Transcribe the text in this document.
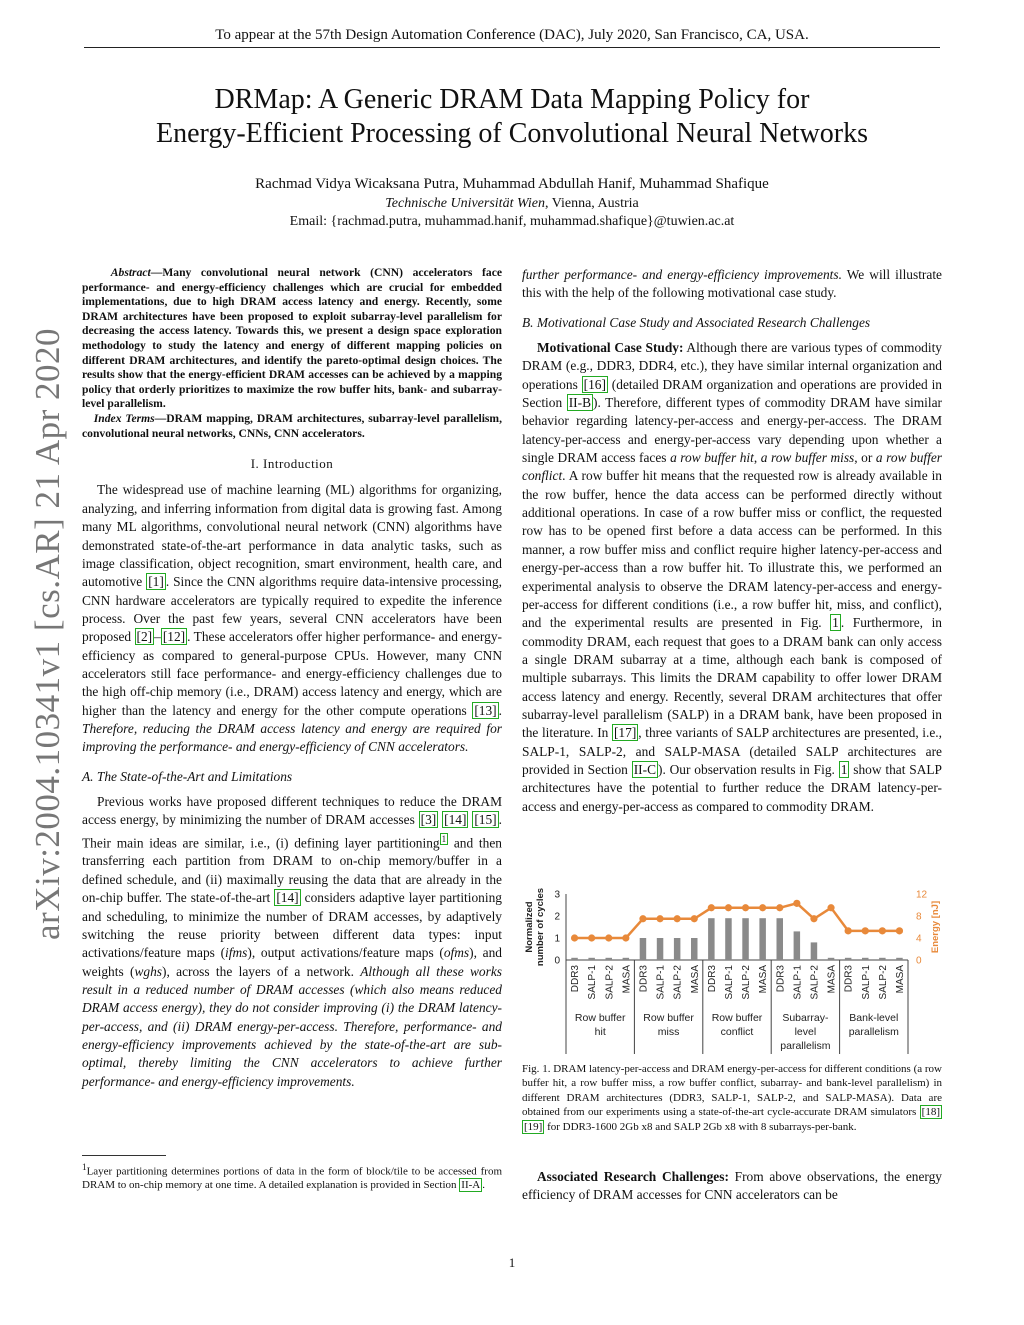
To appear at the 57th Design Automation Conference (DAC), July 2020, San Francisco, CA, USA.
DRMap: A Generic DRAM Data Mapping Policy for
Energy-Efficient Processing of Convolutional Neural Networks
Rachmad Vidya Wicaksana Putra, Muhammad Abdullah Hanif, Muhammad Shafique
Technische Universität Wien, Vienna, Austria
Email: {rachmad.putra, muhammad.hanif, muhammad.shafique}@tuwien.ac.at
arXiv:2004.10341v1 [cs.AR] 21 Apr 2020

Abstract—Many convolutional neural network (CNN) accelerators face performance- and energy-efficiency challenges which are crucial for embedded implementations, due to high DRAM access latency and energy. Recently, some DRAM architectures have been proposed to exploit subarray-level parallelism for decreasing the access latency. Towards this, we present a design space exploration methodology to study the latency and energy of different mapping policies on different DRAM architectures, and identify the pareto-optimal design choices. The results show that the energy-efficient DRAM accesses can be achieved by a mapping policy that orderly prioritizes to maximize the row buffer hits, bank- and subarray-level parallelism.

Index Terms—DRAM mapping, DRAM architectures, subarray-level parallelism, convolutional neural networks, CNNs, CNN accelerators.

I. Introduction

The widespread use of machine learning (ML) algorithms for organizing, analyzing, and inferring information from digital data is growing fast. Among many ML algorithms, convolutional neural network (CNN) algorithms have demonstrated state-of-the-art performance in data analytic tasks, such as image classification, object recognition, smart environment, health care, and automotive [1] . Since the CNN algorithms require data-intensive processing, CNN hardware accelerators are typically required to expedite the inference process. Over the past few years, several CNN accelerators have been proposed [2] – [12] . These accelerators offer higher performance- and energy-efficiency as compared to general-purpose CPUs. However, many CNN accelerators still face performance- and energy-efficiency challenges due to the high off-chip memory (i.e., DRAM) access latency and energy, which are higher than the latency and energy for the other compute operations [13] . Therefore, reducing the DRAM access latency and energy are required for improving the performance- and energy-efficiency of CNN accelerators.

A. The State-of-the-Art and Limitations

Previous works have proposed different techniques to reduce the DRAM access energy, by minimizing the number of DRAM accesses [3] [14] [15] . Their main ideas are similar, i.e., (i) defining layer partitioning $^1$ and then transferring each partition from DRAM to on-chip memory/buffer in a defined schedule, and (ii) maximally reusing the data that are already in the on-chip buffer. The state-of-the-art [14] considers adaptive layer partitioning and scheduling, to minimize the number of DRAM accesses, by adaptively switching the reuse priority between different data types: input activations/feature maps (ifms), output activations/feature maps (ofms), and weights (wghs), across the layers of a network. Although all these works result in a reduced number of DRAM accesses (which also means reduced DRAM access energy), they do not consider improving (i) the DRAM latency-per-access, and (ii) DRAM energy-per-access. Therefore, performance- and energy-efficiency improvements achieved by the state-of-the-art are sub-optimal, thereby limiting the CNN accelerators to achieve further performance- and energy-efficiency improvements.

$^1$Layer partitioning determines portions of data in the form of block/tile to be accessed from DRAM to on-chip memory at one time. A detailed explanation is provided in Section II-A .

further performance- and energy-efficiency improvements. We will illustrate this with the help of the following motivational case study.

B. Motivational Case Study and Associated Research Challenges

Motivational Case Study: Although there are various types of commodity DRAM (e.g., DDR3, DDR4, etc.), they have similar internal organization and operations [16] (detailed DRAM organization and operations are provided in Section II-B ). Therefore, different types of commodity DRAM have similar behavior regarding latency-per-access and energy-per-access. The DRAM latency-per-access and energy-per-access vary depending upon whether a single DRAM access faces a row buffer hit, a row buffer miss, or a row buffer conflict. A row buffer hit means that the requested row is already available in the row buffer, hence the data access can be performed directly without additional operations. In case of a row buffer miss or conflict, the requested row has to be opened first before a data access can be performed. In this manner, a row buffer miss and conflict require higher latency-per-access and energy-per-access than a row buffer hit. To illustrate this, we performed an experimental analysis to observe the DRAM latency-per-access and energy-per-access for different conditions (i.e., a row buffer hit, miss, and conflict), and the experimental results are presented in Fig. 1 . Furthermore, in commodity DRAM, each request that goes to a DRAM bank can only access a single DRAM subarray at a time, although each bank is composed of multiple subarrays. This limits the DRAM capability to offer lower DRAM access latency and energy. Recently, several DRAM architectures that offer subarray-level parallelism (SALP) in a DRAM bank, have been proposed in the literature. In [17] , three variants of SALP architectures are presented, i.e., SALP-1, SALP-2, and SALP-MASA (detailed SALP architectures are provided in Section II-C ). Our observation results in Fig. 1 show that SALP architectures have the potential to further reduce the DRAM latency-per-access and energy-per-access as compared to commodity DRAM.

0
1
2
3
0
4
8
12
Normalized number of cycles	Energy [nJ]
DDR3 SALP-1 SALP-2 MASA DDR3 SALP-1 SALP-2 MASA DDR3 SALP-1 SALP-2 MASA DDR3 SALP-1 SALP-2 MASA DDR3 SALP-1 SALP-2 MASA
Row buffer
hit
Row buffer
miss
Row buffer
conflict
Subarray-
level
parallelism
Bank-level
parallelism
Fig. 1. DRAM latency-per-access and DRAM energy-per-access for different conditions (a row buffer hit, a row buffer miss, a row buffer conflict, subarray- and bank-level parallelism) in different DRAM architectures (DDR3, SALP-1, SALP-2, and SALP-MASA). Data are obtained from our experiments using a state-of-the-art cycle-accurate DRAM simulators [18] [19] for DDR3-1600 2Gb x8 and SALP 2Gb x8 with 8 subarrays-per-bank.
Associated Research Challenges: From above observations, the energy efficiency of DRAM accesses for CNN accelerators can be
1
